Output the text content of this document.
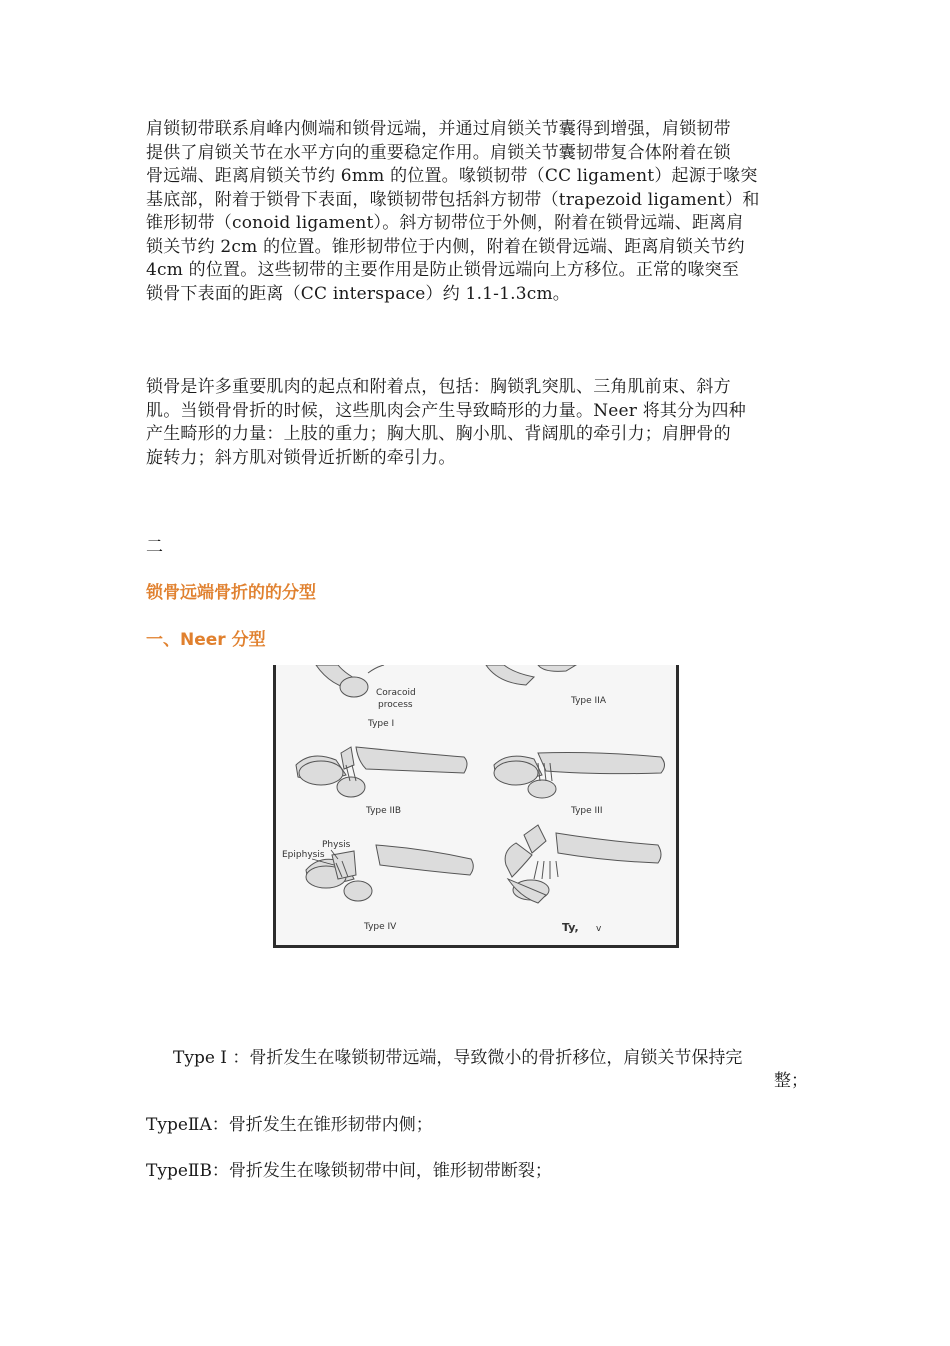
肩锁韧带联系肩峰内侧端和锁骨远端，并通过肩锁关节囊得到增强，肩锁韧带
提供了肩锁关节在水平方向的重要稳定作用。肩锁关节囊韧带复合体附着在锁
骨远端、距离肩锁关节约 6mm 的位置。喙锁韧带（CC ligament）起源于喙突
基底部，附着于锁骨下表面，喙锁韧带包括斜方韧带（trapezoid ligament）和
锥形韧带（conoid ligament）。斜方韧带位于外侧，附着在锁骨远端、距离肩
锁关节约 2cm 的位置。锥形韧带位于内侧，附着在锁骨远端、距离肩锁关节约
4cm 的位置。这些韧带的主要作用是防止锁骨远端向上方移位。正常的喙突至
锁骨下表面的距离（CC interspace）约 1.1-1.3cm。
锁骨是许多重要肌肉的起点和附着点，包括：胸锁乳突肌、三角肌前束、斜方
肌。当锁骨骨折的时候，这些肌肉会产生导致畸形的力量。Neer 将其分为四种
产生畸形的力量：上肢的重力；胸大肌、胸小肌、背阔肌的牵引力；肩胛骨的
旋转力；斜方肌对锁骨近折断的牵引力。
二
锁骨远端骨折的的分型
一、Neer 分型
Coracoid
process
Type I
Type IIA
Type IIB	Type III
Physis
Epiphysis
Type IV	Ty, v
Type Ⅰ ：骨折发生在喙锁韧带远端，导致微小的骨折移位，肩锁关节保持完
整；
TypeⅡA：骨折发生在锥形韧带内侧；
TypeⅡB：骨折发生在喙锁韧带中间，锥形韧带断裂；
